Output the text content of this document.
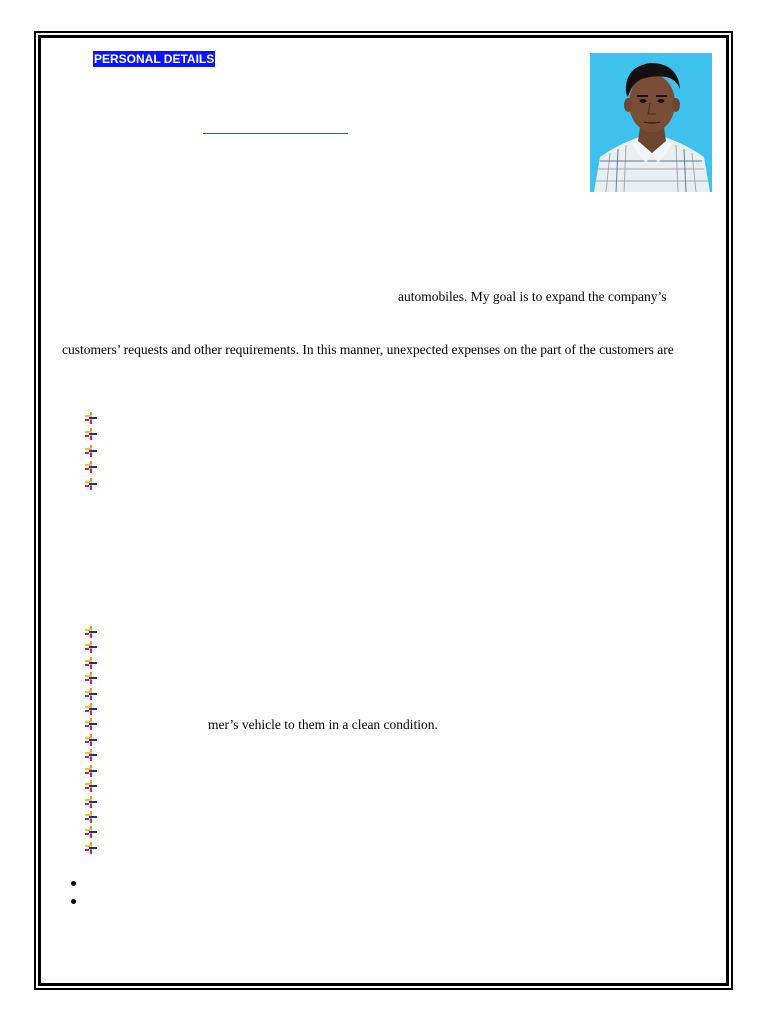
PERSONAL DETAILS
automobiles. My goal is to expand the company’s
customers’ requests and other requirements. In this manner, unexpected expenses on the part of the customers are
mer’s vehicle to them in a clean condition.
